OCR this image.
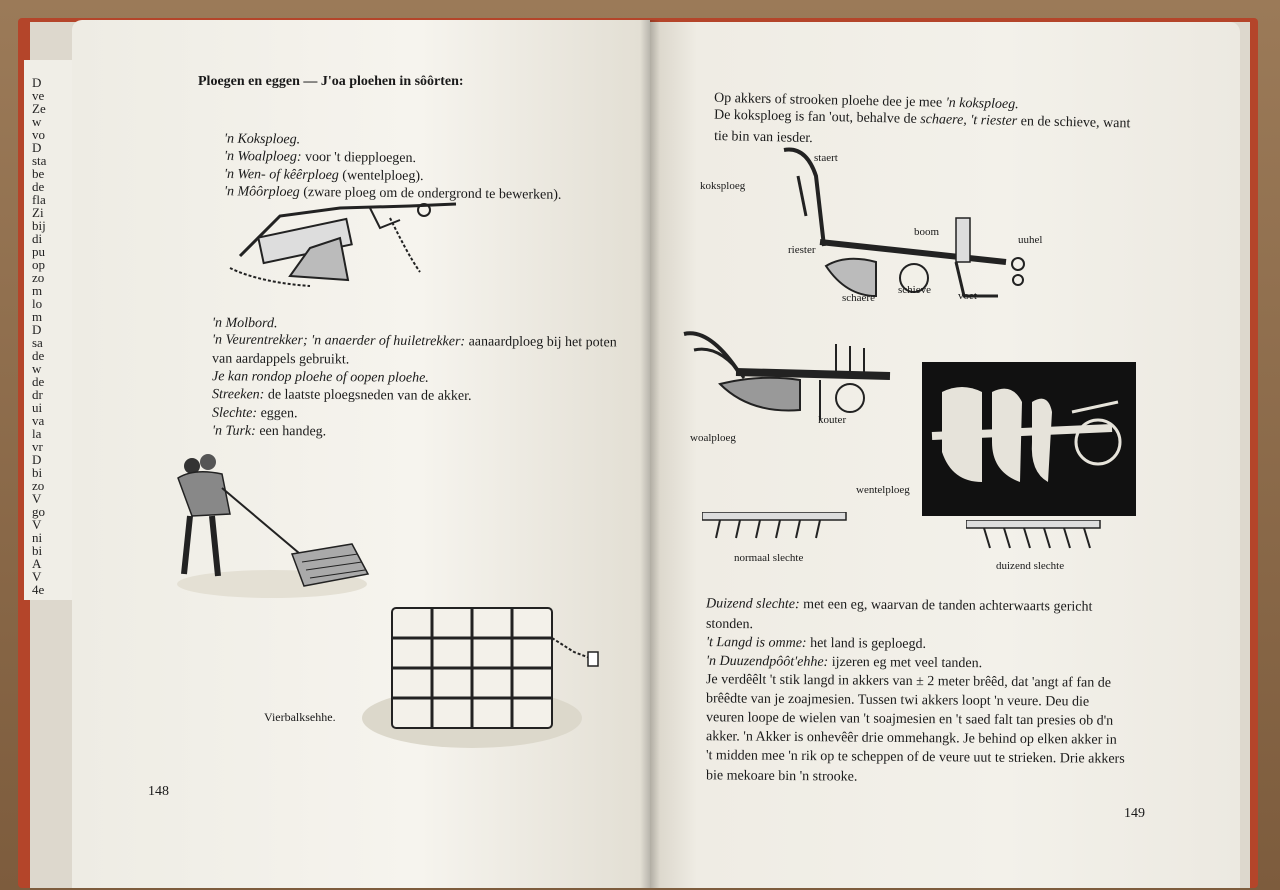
D
ve
Ze
w
vo
D
sta
be
de
fla
Zi
bij
di
pu
op
zo
m
lo
m
D
sa
de
w
de
dr
ui
va
la
vr
D
bi
zo
V
go
V
ni
bi
A
V
4e
Ploegen en eggen — J'oa ploehen in sôôrten:
'n Koksploeg.
'n Woalploeg: voor 't diepploegen.
'n Wen- of kêêrploeg (wentelploeg).
'n Môôrploeg (zware ploeg om de ondergrond te bewerken).
'n Molbord.
'n Veurentrekker; 'n anaerder of huiletrekker: aanaardploeg bij het poten
van aardappels gebruikt.
Je kan rondop ploehe of oopen ploehe.
Streeken: de laatste ploegsneden van de akker.
Slechte: eggen.
'n Turk: een handeg.
Vierbalksehhe.
148
Op akkers of strooken ploehe dee je mee 'n koksploeg.
De koksploeg is fan 'out, behalve de schaere, 't riester en de schieve, want
tie bin van iesder.
koksploeg
staert
boom
uuhel
riester
schaere
schieve voet
kouter
woalploeg
wentelploeg
normaal slechte
duizend slechte
Duizend slechte: met een eg, waarvan de tanden achterwaarts gericht
stonden.
't Langd is omme: het land is geploegd.
'n Duuzendpôôt'ehhe: ijzeren eg met veel tanden.
Je verdêêlt 't stik langd in akkers van ± 2 meter brêêd, dat 'angt af fan de
brêêdte van je zoajmesien. Tussen twi akkers loopt 'n veure. Deu die
veuren loope de wielen van 't soajmesien en 't saed falt tan presies ob d'n
akker. 'n Akker is onhevêêr drie ommehangk. Je behind op elken akker in
't midden mee 'n rik op te scheppen of de veure uut te strieken. Drie akkers
bie mekoare bin 'n strooke.
149
